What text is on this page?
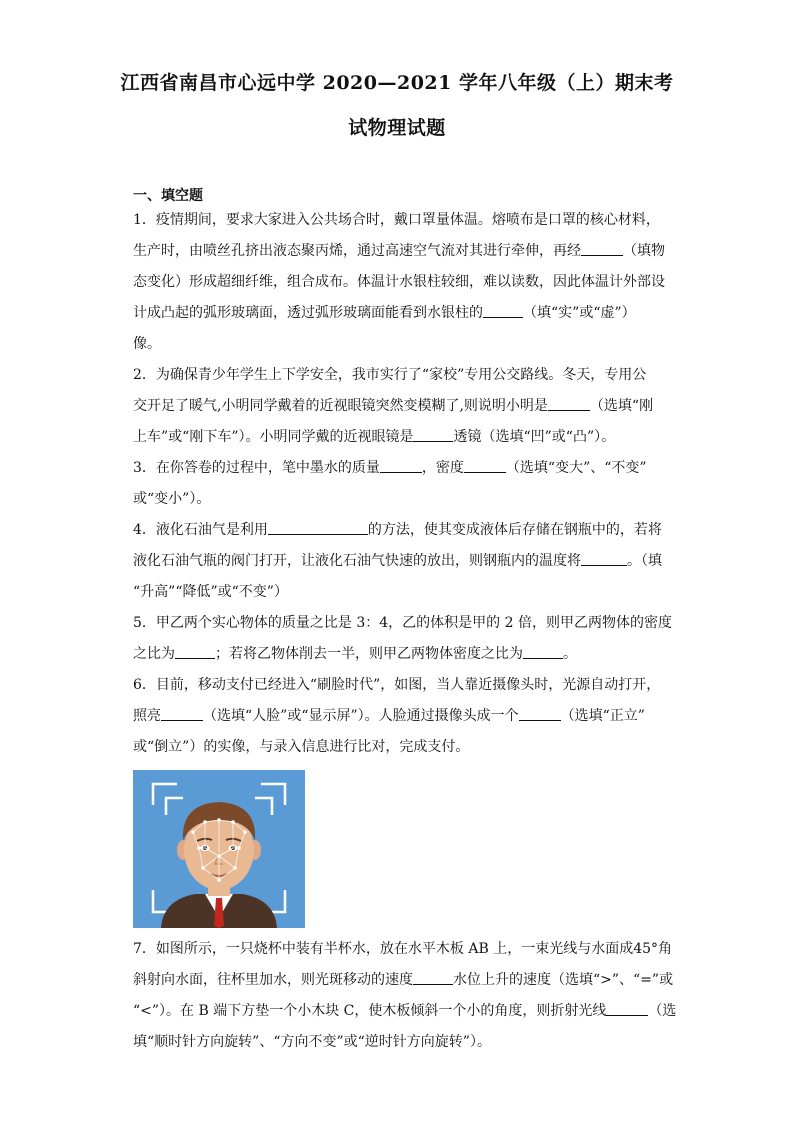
江西省南昌市心远中学 2020—2021 学年八年级（上）期末考
试物理试题
一、填空题
1．疫情期间，要求大家进入公共场合时，戴口罩量体温。熔喷布是口罩的核心材料，
生产时，由喷丝孔挤出液态聚丙烯，通过高速空气流对其进行牵伸，再经	（填物
态变化）形成超细纤维，组合成布。体温计水银柱较细，难以读数，因此体温计外部设
计成凸起的弧形玻璃面，透过弧形玻璃面能看到水银柱的	（填“实”或“虚”）
像。
2．为确保青少年学生上下学安全，我市实行了“家校”专用公交路线。冬天，专用公
交开足了暖气,小明同学戴着的近视眼镜突然变模糊了,则说明小明是	（选填“刚
上车”或“刚下车”）。小明同学戴的近视眼镜是	透镜（选填“凹”或“凸”）。
3．在你答卷的过程中，笔中墨水的质量	，密度	（选填“变大”、“不变”
或“变小”）。
4．液化石油气是利用	的方法，使其变成液体后存储在钢瓶中的，若将
液化石油气瓶的阀门打开，让液化石油气快速的放出，则钢瓶内的温度将	。（填
“升高”“降低”或“不变”）
5．甲乙两个实心物体的质量之比是 3：4，乙的体积是甲的 2 倍，则甲乙两物体的密度
之比为	；若将乙物体削去一半，则甲乙两物体密度之比为	。
6．目前，移动支付已经进入“刷脸时代”，如图，当人靠近摄像头时，光源自动打开，
照亮	（选填“人脸”或“显示屏”）。人脸通过摄像头成一个	（选填“正立”
或“倒立”）的实像，与录入信息进行比对，完成支付。
7．如图所示，一只烧杯中装有半杯水，放在水平木板 AB 上，一束光线与水面成45°角
斜射向水面，往杯里加水，则光斑移动的速度	水位上升的速度（选填“>”、“=”或
“<”）。在 B 端下方垫一个小木块 C，使木板倾斜一个小的角度，则折射光线	（选
填“顺时针方向旋转”、“方向不变”或“逆时针方向旋转”）。
